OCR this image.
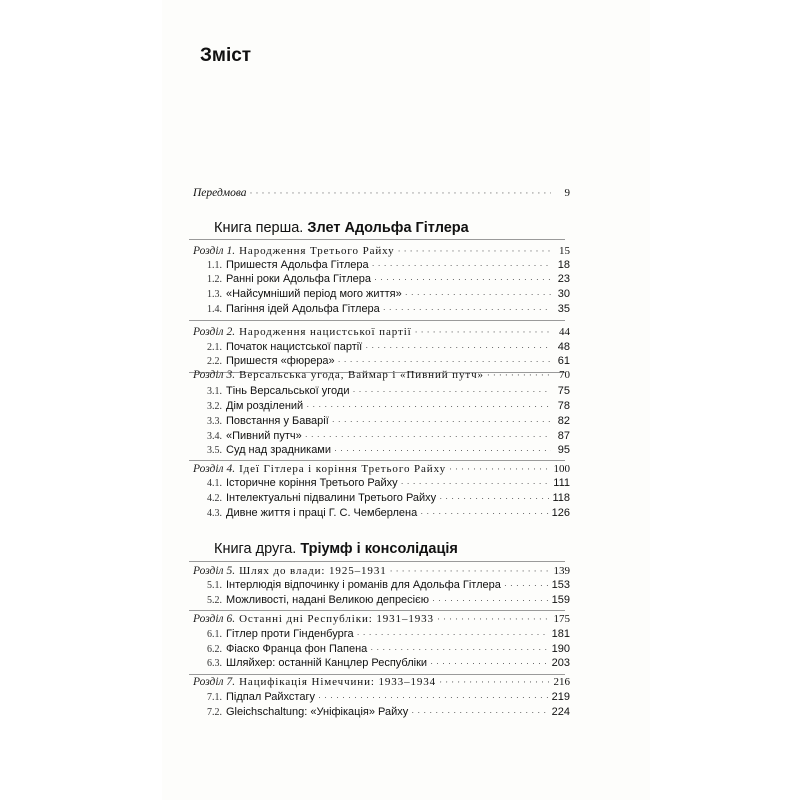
Зміст
Передмова ·····	9
Книга перша. Злет Адольфа Гітлера
Розділ 1. Народження Третього Райху ·····	15
1.1. Пришестя Адольфа Гітлера ·····	18
1.2. Ранні роки Адольфа Гітлера ·····	23
1.3. «Найсумніший період мого життя» ·····	30
1.4. Пагіння ідей Адольфа Гітлера ·····	35
Розділ 2. Народження нацистської партії ·····	44
2.1. Початок нацистської партії ·····	48
2.2. Пришестя «фюрера» ·····	61
Розділ 3. Версальська угода, Ваймар і «Пивний путч» ·····	70
3.1. Тінь Версальської угоди ·····	75
3.2. Дім розділений ·····	78
3.3. Повстання у Баварії ·····	82
3.4. «Пивний путч» ·····	87
3.5. Суд над зрадниками ·····	95
Розділ 4. Ідеї Гітлера і коріння Третього Райху ·····	100
4.1. Історичне коріння Третього Райху ·····	111
4.2. Інтелектуальні підвалини Третього Райху ·····	118
4.3. Дивне життя і праці Г. С. Чемберлена ·····	126
Книга друга. Тріумф і консолідація
Розділ 5. Шлях до влади: 1925–1931 ·····	139
5.1. Інтерлюдія відпочинку і романів для Адольфа Гітлера ·····	153
5.2. Можливості, надані Великою депресією ·····	159
Розділ 6. Останні дні Республіки: 1931–1933 ·····	175
6.1. Гітлер проти Гінденбурга ·····	181
6.2. Фіаско Франца фон Папена ·····	190
6.3. Шляйхер: останній Канцлер Республіки ·····	203
Розділ 7. Нацифікація Німеччини: 1933–1934 ·····	216
7.1. Підпал Райхстагу ·····	219
7.2. Gleichschaltung: «Уніфікація» Райху ·····	224
